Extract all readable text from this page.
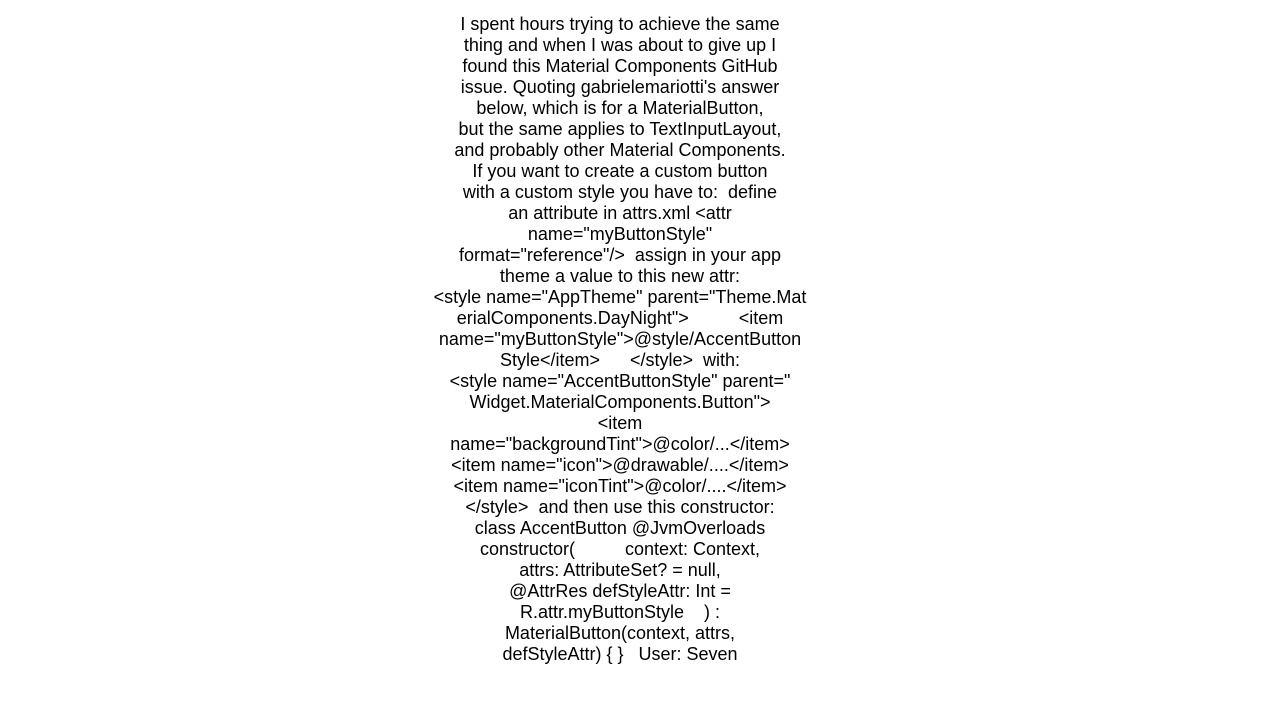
I spent hours trying to achieve the same
thing and when I was about to give up I
found this Material Components GitHub
issue. Quoting gabrielemariotti's answer
below, which is for a MaterialButton,
but the same applies to TextInputLayout,
and probably other Material Components.
If you want to create a custom button
with a custom style you have to:  define
an attribute in attrs.xml <attr
name="myButtonStyle"
format="reference"/>  assign in your app
theme a value to this new attr:
<style name="AppTheme" parent="Theme.Mat
erialComponents.DayNight">          <item
name="myButtonStyle">@style/AccentButton
Style</item>      </style>  with:
<style name="AccentButtonStyle" parent="
Widget.MaterialComponents.Button">
<item
name="backgroundTint">@color/...</item>
<item name="icon">@drawable/....</item>
<item name="iconTint">@color/....</item>
</style>  and then use this constructor:
class AccentButton @JvmOverloads
constructor(          context: Context,
attrs: AttributeSet? = null,
@AttrRes defStyleAttr: Int =
R.attr.myButtonStyle    ) :
MaterialButton(context, attrs,
defStyleAttr) { }   User: Seven
